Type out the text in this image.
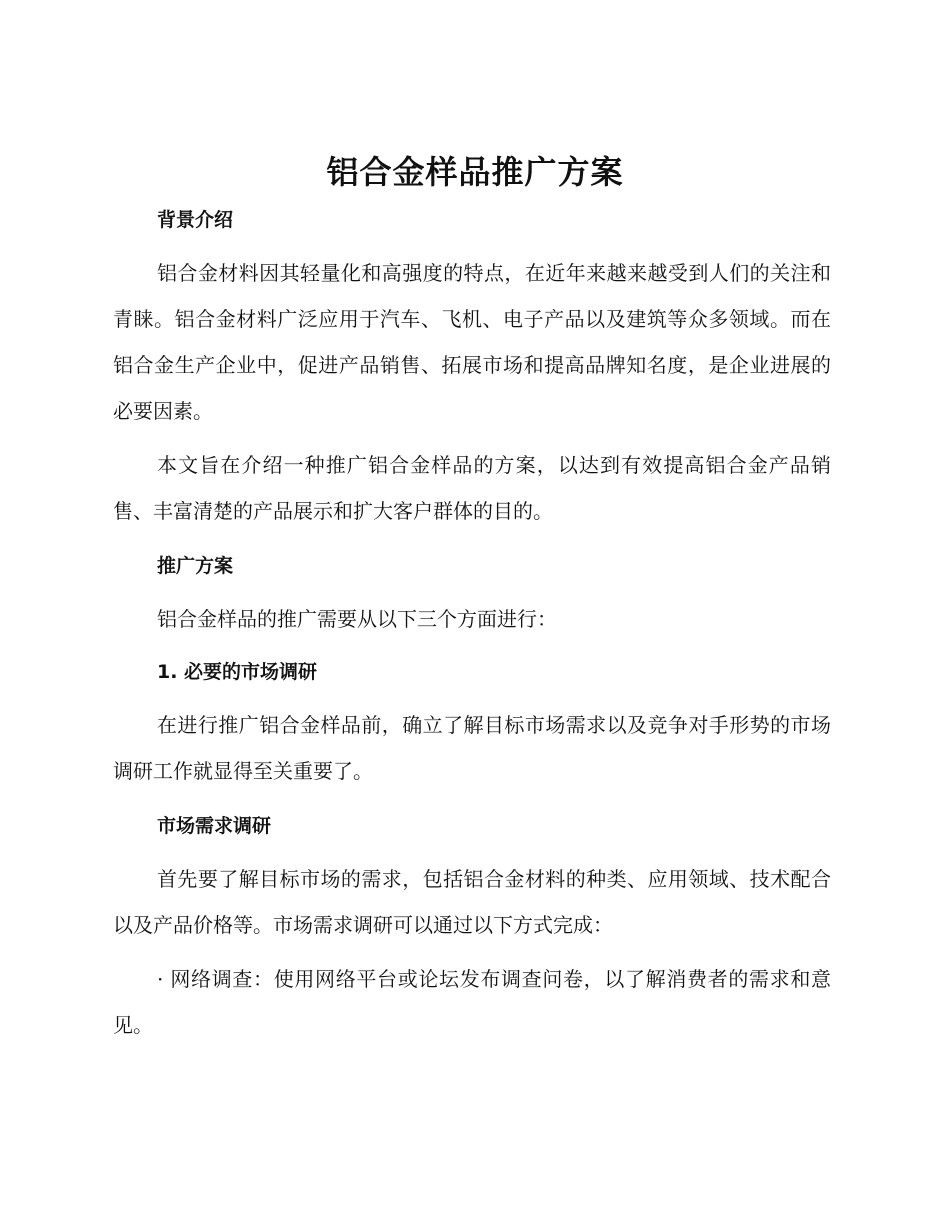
铝合金样品推广方案
背景介绍

铝合金材料因其轻量化和高强度的特点，在近年来越来越受到人们的关注和青睐。铝合金材料广泛应用于汽车、飞机、电子产品以及建筑等众多领域。而在铝合金生产企业中，促进产品销售、拓展市场和提高品牌知名度，是企业进展的必要因素。

本文旨在介绍一种推广铝合金样品的方案，以达到有效提高铝合金产品销售、丰富清楚的产品展示和扩大客户群体的目的。

推广方案

铝合金样品的推广需要从以下三个方面进行：

1. 必要的市场调研

在进行推广铝合金样品前，确立了解目标市场需求以及竞争对手形势的市场调研工作就显得至关重要了。

市场需求调研

首先要了解目标市场的需求，包括铝合金材料的种类、应用领域、技术配合以及产品价格等。市场需求调研可以通过以下方式完成：

· 网络调查：使用网络平台或论坛发布调查问卷，以了解消费者的需求和意见。
